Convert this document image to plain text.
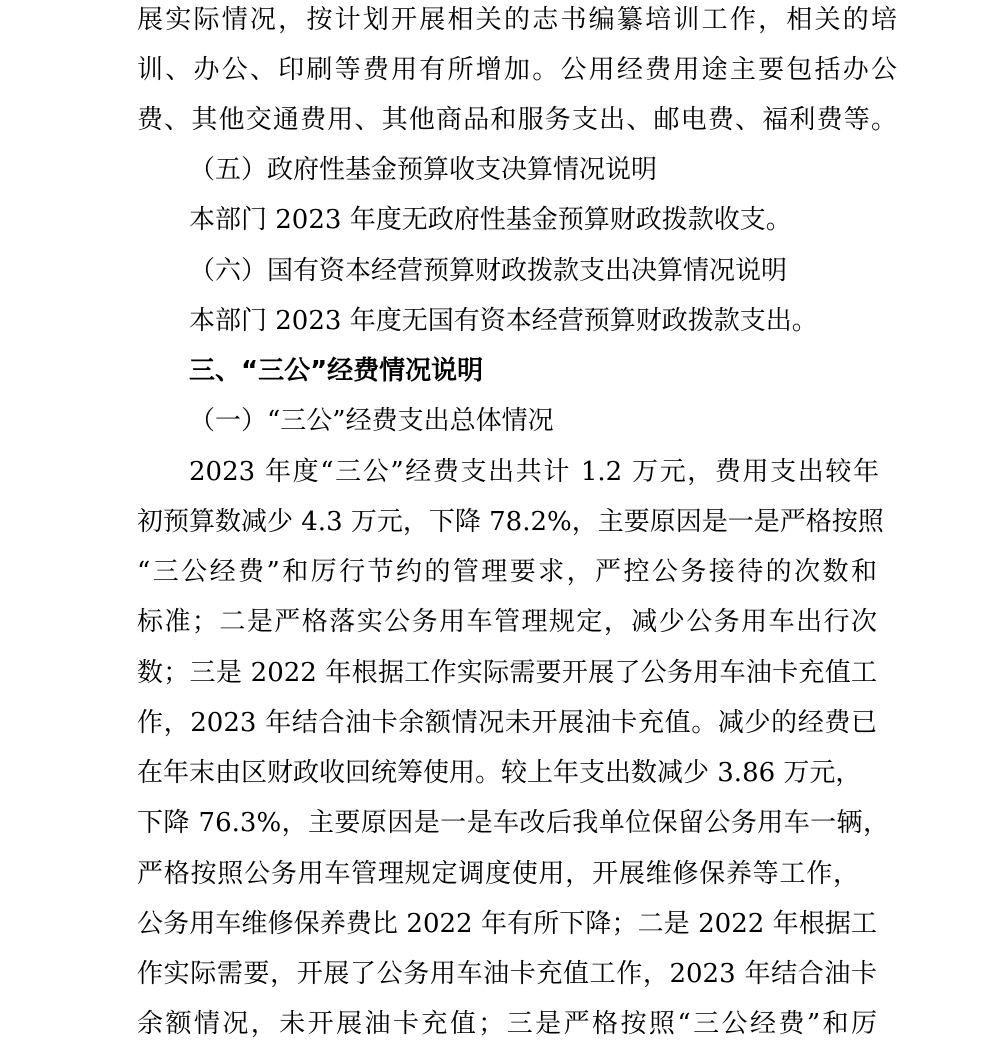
展实际情况，按计划开展相关的志书编纂培训工作，相关的培
训、办公、印刷等费用有所增加。公用经费用途主要包括办公
费、其他交通费用、其他商品和服务支出、邮电费、福利费等。
（五）政府性基金预算收支决算情况说明
本部门 2023 年度无政府性基金预算财政拨款收支。
（六）国有资本经营预算财政拨款支出决算情况说明
本部门 2023 年度无国有资本经营预算财政拨款支出。
三、“三公”经费情况说明
（一）“三公”经费支出总体情况
2023 年度“三公”经费支出共计 1.2 万元，费用支出较年
初预算数减少 4.3 万元，下降 78.2%，主要原因是一是严格按照
“三公经费”和厉行节约的管理要求，严控公务接待的次数和
标准；二是严格落实公务用车管理规定，减少公务用车出行次
数；三是 2022 年根据工作实际需要开展了公务用车油卡充值工
作，2023 年结合油卡余额情况未开展油卡充值。减少的经费已
在年末由区财政收回统筹使用。较上年支出数减少 3.86 万元，
下降 76.3%，主要原因是一是车改后我单位保留公务用车一辆，
严格按照公务用车管理规定调度使用，开展维修保养等工作，
公务用车维修保养费比 2022 年有所下降；二是 2022 年根据工
作实际需要，开展了公务用车油卡充值工作，2023 年结合油卡
余额情况，未开展油卡充值；三是严格按照“三公经费”和厉
